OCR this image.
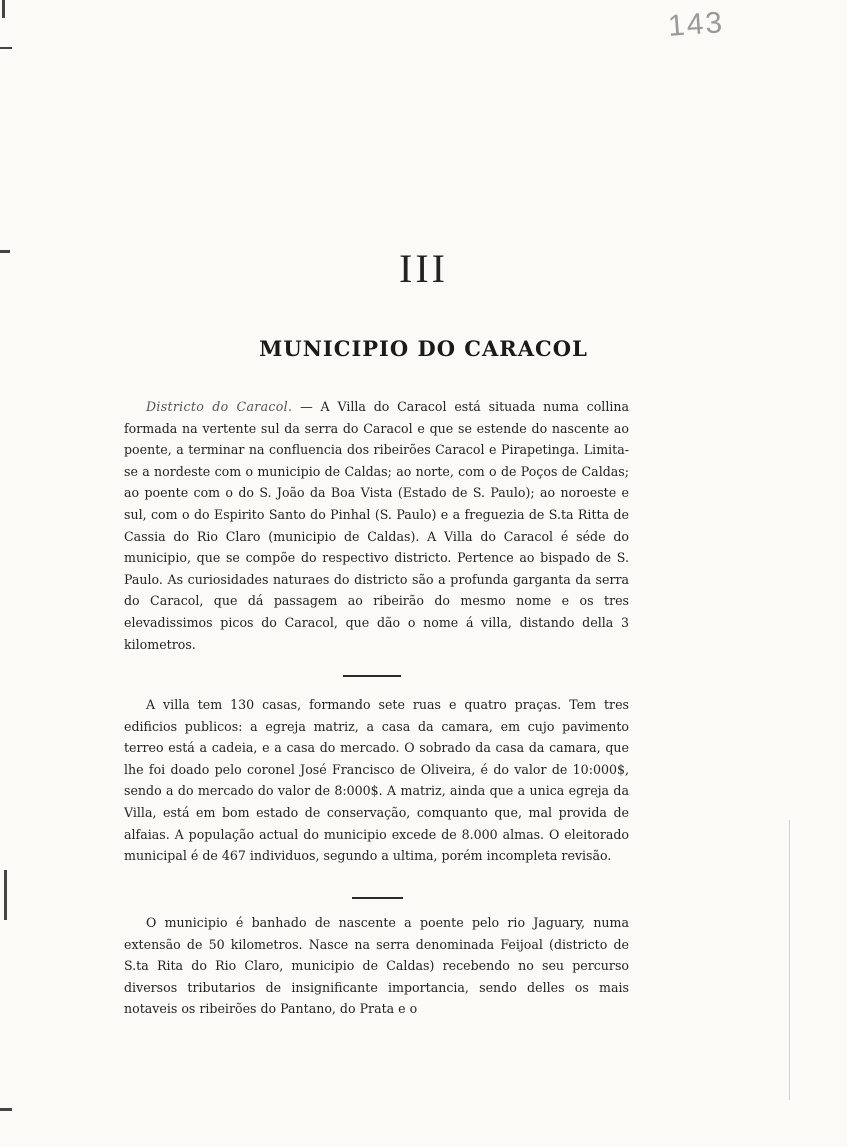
143
III
MUNICIPIO DO CARACOL

Districto do Caracol. — A Villa do Caracol está situada numa collina formada na vertente sul da serra do Caracol e que se estende do nascente ao poente, a terminar na confluencia dos ribeirões Caracol e Pirapetinga. Limita-se a nordeste com o municipio de Caldas; ao norte, com o de Poços de Caldas; ao poente com o do S. João da Boa Vista (Estado de S. Paulo); ao noroeste e sul, com o do Espirito Santo do Pinhal (S. Paulo) e a freguezia de S.ta Ritta de Cassia do Rio Claro (municipio de Caldas). A Villa do Caracol é séde do municipio, que se compõe do respectivo districto. Pertence ao bispado de S. Paulo. As curiosidades naturaes do districto são a profunda garganta da serra do Caracol, que dá passagem ao ribeirão do mesmo nome e os tres elevadissimos picos do Caracol, que dão o nome á villa, distando della 3 kilometros.

A villa tem 130 casas, formando sete ruas e quatro praças. Tem tres edificios publicos: a egreja matriz, a casa da camara, em cujo pavimento terreo está a cadeia, e a casa do mercado. O sobrado da casa da camara, que lhe foi doado pelo coronel José Francisco de Oliveira, é do valor de 10:000$, sendo a do mercado do valor de 8:000$. A matriz, ainda que a unica egreja da Villa, está em bom estado de conservação, comquanto que, mal provida de alfaias. A população actual do municipio excede de 8.000 almas. O eleitorado municipal é de 467 individuos, segundo a ultima, porém incompleta revisão.

O municipio é banhado de nascente a poente pelo rio Jaguary, numa extensão de 50 kilometros. Nasce na serra denominada Feijoal (districto de S.ta Rita do Rio Claro, municipio de Caldas) recebendo no seu percurso diversos tributarios de insignificante importancia, sendo delles os mais notaveis os ribeirões do Pantano, do Prata e o
